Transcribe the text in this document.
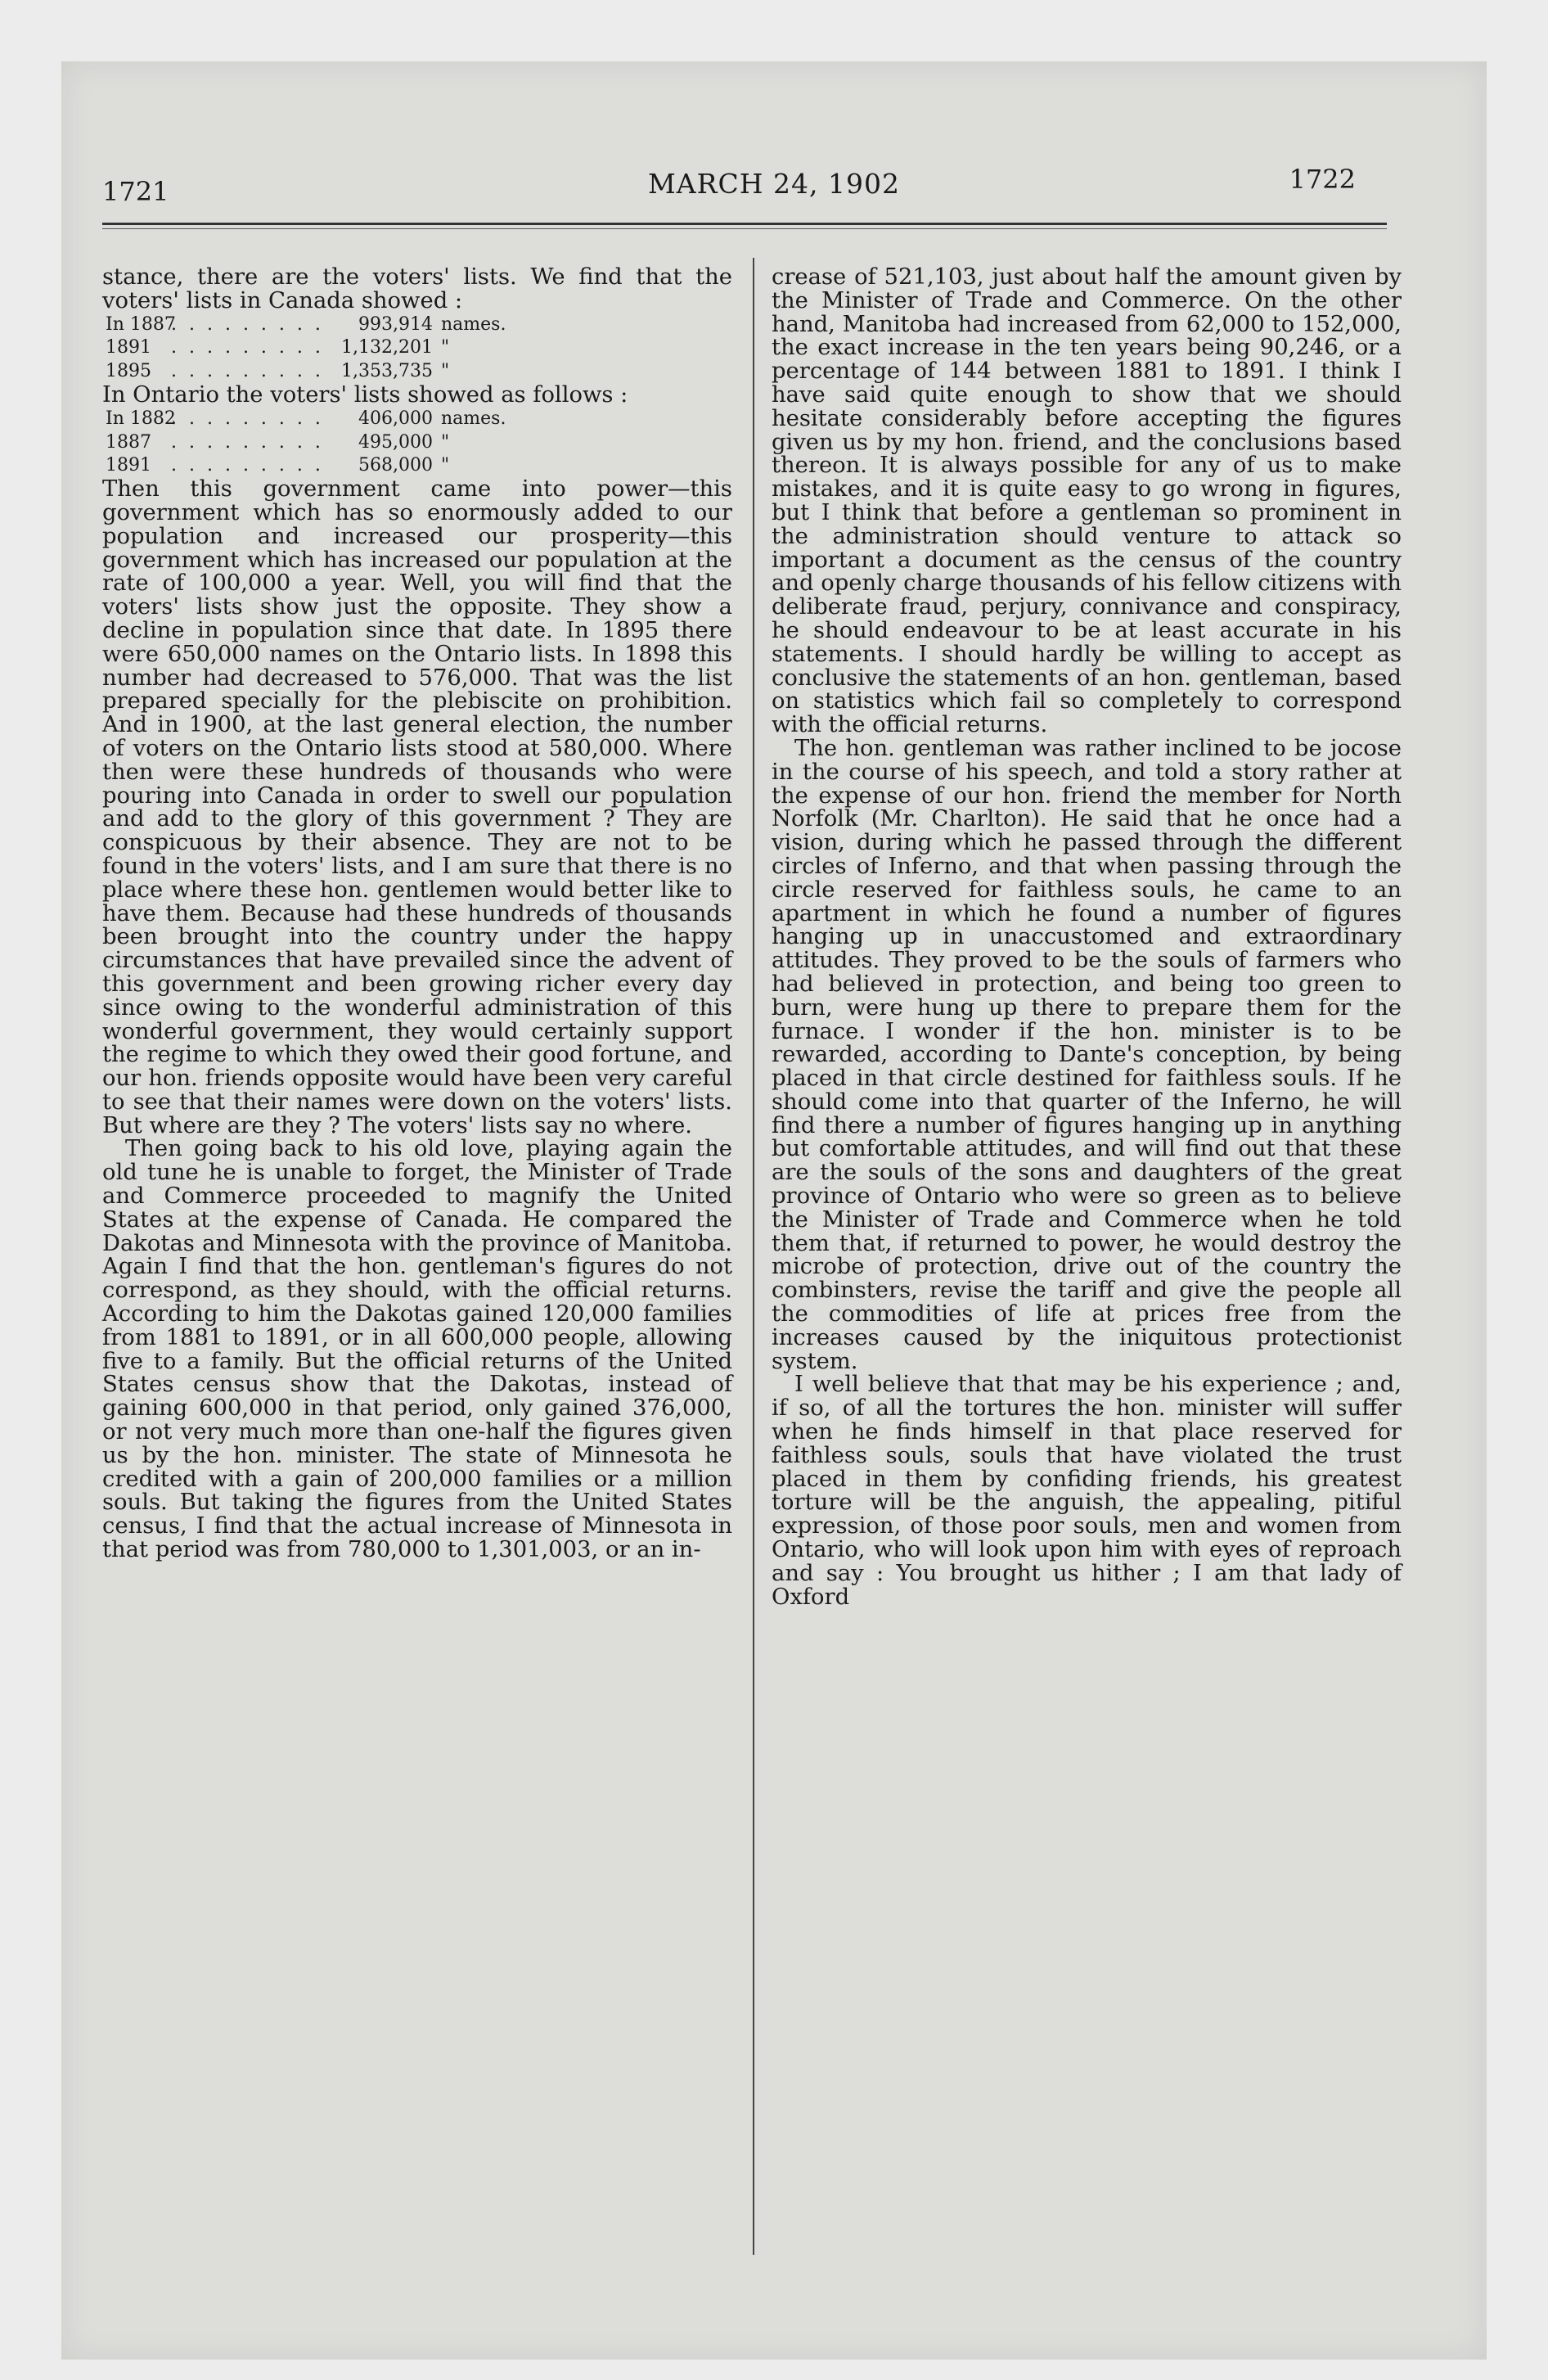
1721	MARCH 24, 1902	1722

stance, there are the voters' lists. We find that the voters' lists in Canada showed :

In 1887. . . . . . . . . 993,914 names.
1891 . . . . . . . . . 1,132,201 "
1895 . . . . . . . . . 1,353,735 "

In Ontario the voters' lists showed as follows :

In 1882. . . . . . . . . 406,000 names.
1887 . . . . . . . . . 495,000 "
1891 . . . . . . . . . 568,000 "

Then this government came into power—this government which has so enormously added to our population and increased our prosperity—this government which has increased our population at the rate of 100,000 a year. Well, you will find that the voters' lists show just the opposite. They show a decline in population since that date. In 1895 there were 650,000 names on the Ontario lists. In 1898 this number had decreased to 576,000. That was the list prepared specially for the plebiscite on prohibition. And in 1900, at the last general election, the number of voters on the Ontario lists stood at 580,000. Where then were these hundreds of thousands who were pouring into Canada in order to swell our population and add to the glory of this government ? They are conspicuous by their absence. They are not to be found in the voters' lists, and I am sure that there is no place where these hon. gentlemen would better like to have them. Because had these hundreds of thousands been brought into the country under the happy circumstances that have prevailed since the advent of this government and been growing richer every day since owing to the wonderful administration of this wonderful government, they would certainly support the regime to which they owed their good fortune, and our hon. friends opposite would have been very careful to see that their names were down on the voters' lists. But where are they ? The voters' lists say no where.

Then going back to his old love, playing again the old tune he is unable to forget, the Minister of Trade and Commerce proceeded to magnify the United States at the expense of Canada. He compared the Dakotas and Minnesota with the province of Manitoba. Again I find that the hon. gentleman's figures do not correspond, as they should, with the official returns. According to him the Dakotas gained 120,000 families from 1881 to 1891, or in all 600,000 people, allowing five to a family. But the official returns of the United States census show that the Dakotas, instead of gaining 600,000 in that period, only gained 376,000, or not very much more than one-half the figures given us by the hon. minister. The state of Minnesota he credited with a gain of 200,000 families or a million souls. But taking the figures from the United States census, I find that the actual increase of Minnesota in that period was from 780,000 to 1,301,003, or an in-

crease of 521,103, just about half the amount given by the Minister of Trade and Commerce. On the other hand, Manitoba had increased from 62,000 to 152,000, the exact increase in the ten years being 90,246, or a percentage of 144 between 1881 to 1891. I think I have said quite enough to show that we should hesitate considerably before accepting the figures given us by my hon. friend, and the conclusions based thereon. It is always possible for any of us to make mistakes, and it is quite easy to go wrong in figures, but I think that before a gentleman so prominent in the administration should venture to attack so important a document as the census of the country and openly charge thousands of his fellow citizens with deliberate fraud, perjury, connivance and conspiracy, he should endeavour to be at least accurate in his statements. I should hardly be willing to accept as conclusive the statements of an hon. gentleman, based on statistics which fail so completely to correspond with the official returns.

The hon. gentleman was rather inclined to be jocose in the course of his speech, and told a story rather at the expense of our hon. friend the member for North Norfolk (Mr. Charlton). He said that he once had a vision, during which he passed through the different circles of Inferno, and that when passing through the circle reserved for faithless souls, he came to an apartment in which he found a number of figures hanging up in unaccustomed and extraordinary attitudes. They proved to be the souls of farmers who had believed in protection, and being too green to burn, were hung up there to prepare them for the furnace. I wonder if the hon. minister is to be rewarded, according to Dante's conception, by being placed in that circle destined for faithless souls. If he should come into that quarter of the Inferno, he will find there a number of figures hanging up in anything but comfortable attitudes, and will find out that these are the souls of the sons and daughters of the great province of Ontario who were so green as to believe the Minister of Trade and Commerce when he told them that, if returned to power, he would destroy the microbe of protection, drive out of the country the combinsters, revise the tariff and give the people all the commodities of life at prices free from the increases caused by the iniquitous protectionist system.

I well believe that that may be his experience ; and, if so, of all the tortures the hon. minister will suffer when he finds himself in that place reserved for faithless souls, souls that have violated the trust placed in them by confiding friends, his greatest torture will be the anguish, the appealing, pitiful expression, of those poor souls, men and women from Ontario, who will look upon him with eyes of reproach and say : You brought us hither ; I am that lady of Oxford
